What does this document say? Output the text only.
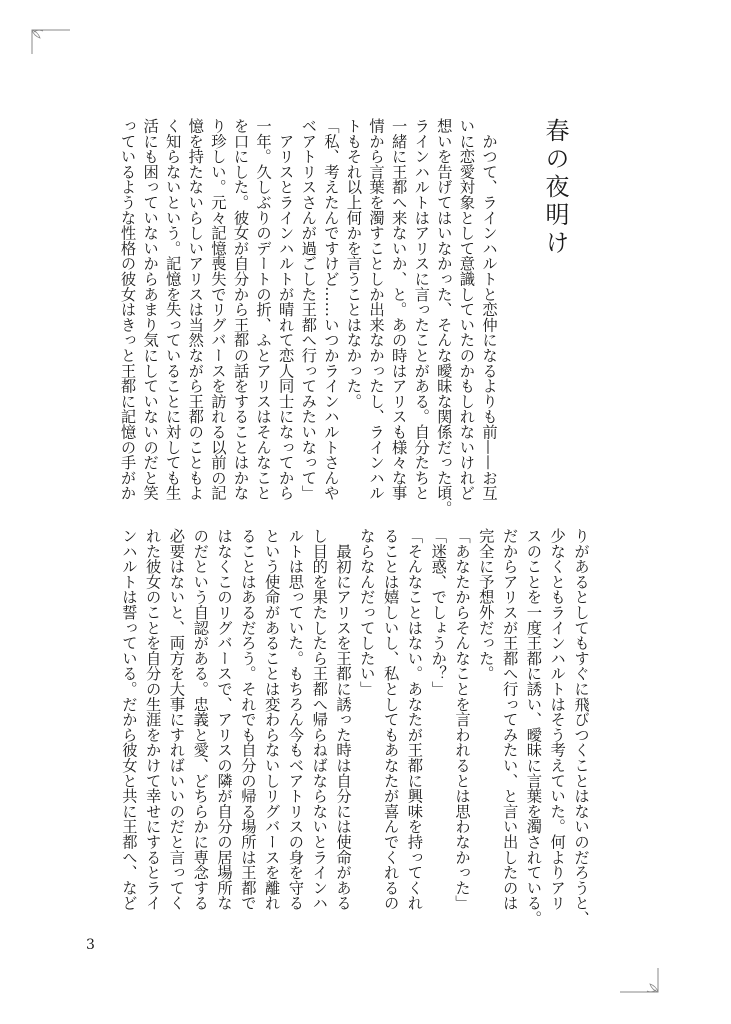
春の夜明け
　かつて、ラインハルトと恋仲になるよりも前——お互
いに恋愛対象として意識していたのかもしれないけれど
想いを告げてはいなかった、そんな曖昧な関係だった頃。
ラインハルトはアリスに言ったことがある。自分たちと
一緒に王都へ来ないか、と。あの時はアリスも様々な事
情から言葉を濁すことしか出来なかったし、ラインハル
トもそれ以上何かを言うことはなかった。
「私、考えたんですけど……いつかラインハルトさんや
ベアトリスさんが過ごした王都へ行ってみたいなって」
　アリスとラインハルトが晴れて恋人同士になってから
一年。久しぶりのデートの折、ふとアリスはそんなこと
を口にした。彼女が自分から王都の話をすることはかな
り珍しい。元々記憶喪失でリグバースを訪れる以前の記
憶を持たないらしいアリスは当然ながら王都のこともよ
く知らないという。記憶を失っていることに対しても生
活にも困っていないからあまり気にしていないのだと笑
っているような性格の彼女はきっと王都に記憶の手がか
りがあるとしてもすぐに飛びつくことはないのだろうと、
少なくともラインハルトはそう考えていた。何よりアリ
スのことを一度王都に誘い、曖昧に言葉を濁されている。
だからアリスが王都へ行ってみたい、と言い出したのは
完全に予想外だった。
「あなたからそんなことを言われるとは思わなかった」
「迷惑、でしょうか？」
「そんなことはない。あなたが王都に興味を持ってくれ
ることは嬉しいし、私としてもあなたが喜んでくれるの
ならなんだってしたい」
　最初にアリスを王都に誘った時は自分には使命がある
し目的を果たしたら王都へ帰らねばならないとラインハ
ルトは思っていた。もちろん今もベアトリスの身を守る
という使命があることは変わらないしリグバースを離れ
ることはあるだろう。それでも自分の帰る場所は王都で
はなくこのリグバースで、アリスの隣が自分の居場所な
のだという自認がある。忠義と愛、どちらかに専念する
必要はないと、両方を大事にすればいいのだと言ってく
れた彼女のことを自分の生涯をかけて幸せにするとライ
ンハルトは誓っている。だから彼女と共に王都へ、など
3
